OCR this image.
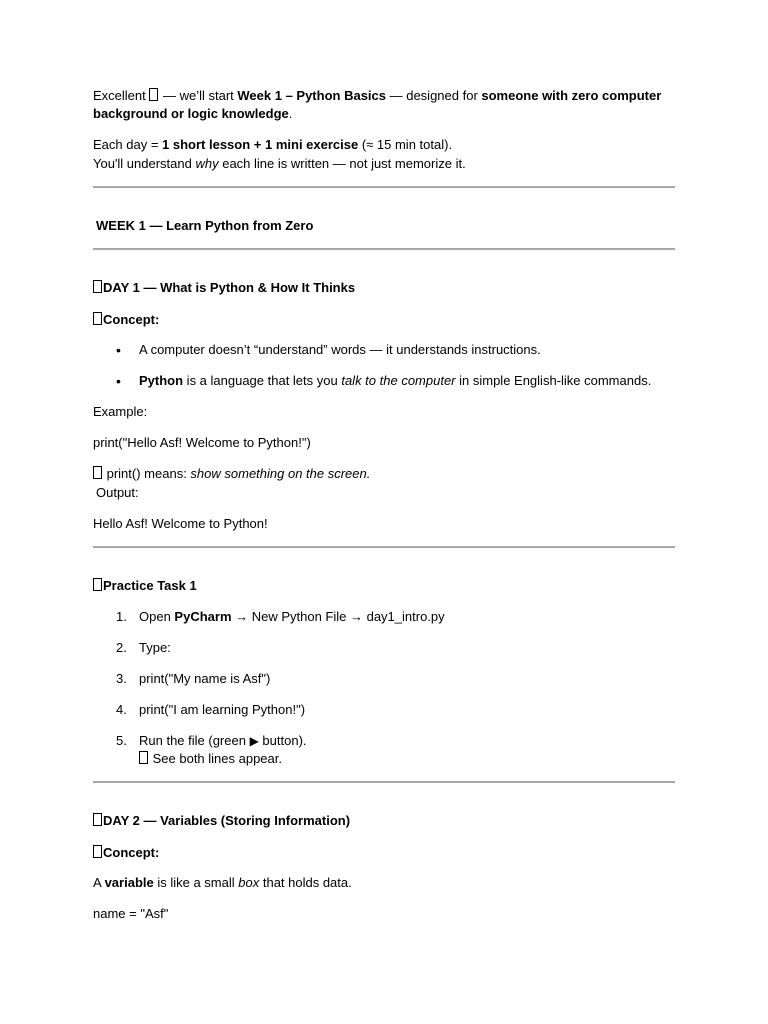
Excellent  — we’ll start Week 1 – Python Basics — designed for someone with zero computer
background or logic knowledge.
Each day = 1 short lesson + 1 mini exercise (≈ 15 min total).
You'll understand why each line is written — not just memorize it.
WEEK 1 — Learn Python from Zero
DAY 1 — What is Python & How It Thinks
Concept:
• A computer doesn’t “understand” words — it understands instructions.
• Python is a language that lets you talk to the computer in simple English-like commands.
Example:
print("Hello Asf! Welcome to Python!")
print() means: show something on the screen.
Output:
Hello Asf! Welcome to Python!
Practice Task 1
1. Open PyCharm → New Python File → day1_intro.py
2. Type:
3. print("My name is Asf")
4. print("I am learning Python!")
5. Run the file (green ▶ button).
See both lines appear.
DAY 2 — Variables (Storing Information)
Concept:
A variable is like a small box that holds data.
name = "Asf"
